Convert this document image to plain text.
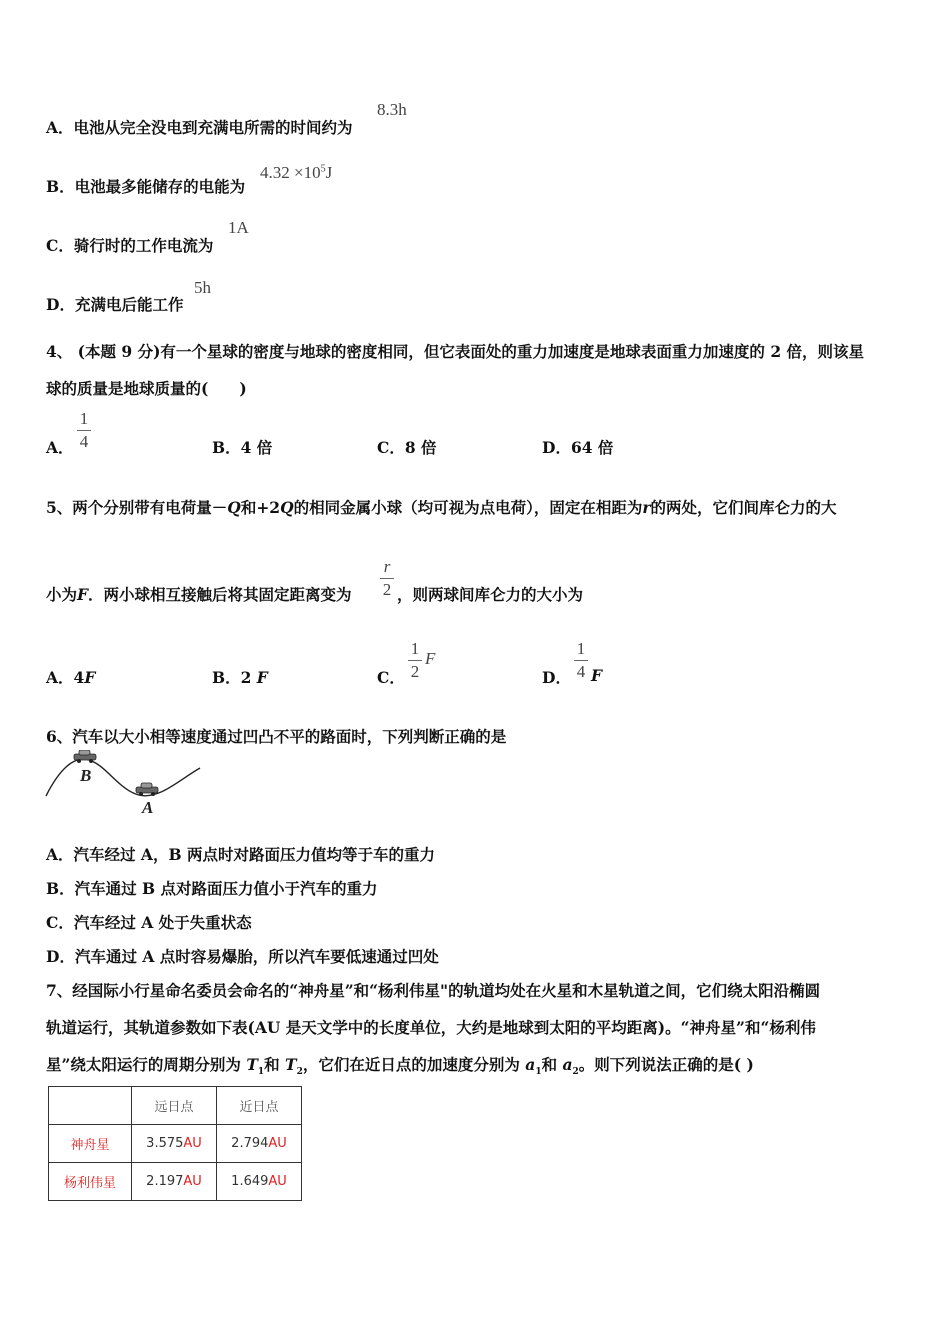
A．电池从完全没电到充满电所需的时间约为
8.3h
B．电池最多能储存的电能为
$4.32 \times 10^5J$
C．骑行时的工作电流为
1A
D．充满电后能工作
5h
4、 (本题 9 分)有一个星球的密度与地球的密度相同，但它表面处的重力加速度是地球表面重力加速度的 2 倍，则该星
球的质量是地球质量的(　　)
A．
1
4	B．4 倍	C．8 倍	D．64 倍
5、两个分别带有电荷量－Q和+2Q的相同金属小球（均可视为点电荷），固定在相距为r的两处，它们间库仑力的大
小为F．两小球相互接触后将其固定距离变为
r
2 ，则两球间库仑力的大小为
A．4F	B．2 F	C．
1
2
F
D．
1
4 F
6、汽车以大小相等速度通过凹凸不平的路面时，下列判断正确的是
B
A
A．汽车经过 A，B 两点时对路面压力值均等于车的重力
B．汽车通过 B 点对路面压力值小于汽车的重力
C．汽车经过 A 处于失重状态
D．汽车通过 A 点时容易爆胎，所以汽车要低速通过凹处
7、经国际小行星命名委员会命名的“神舟星”和“杨利伟星"的轨道均处在火星和木星轨道之间，它们绕太阳沿椭圆
轨道运行，其轨道参数如下表(AU 是天文学中的长度单位，大约是地球到太阳的平均距离)。“神舟星”和“杨利伟
星”绕太阳运行的周期分别为 $T_1$和 $T_2$，它们在近日点的加速度分别为 $a_1$和 $a_2$。则下列说法正确的是( )
	远日点	近日点
神舟星	3.575AU	2.794AU
杨利伟星	2.197AU	1.649AU
